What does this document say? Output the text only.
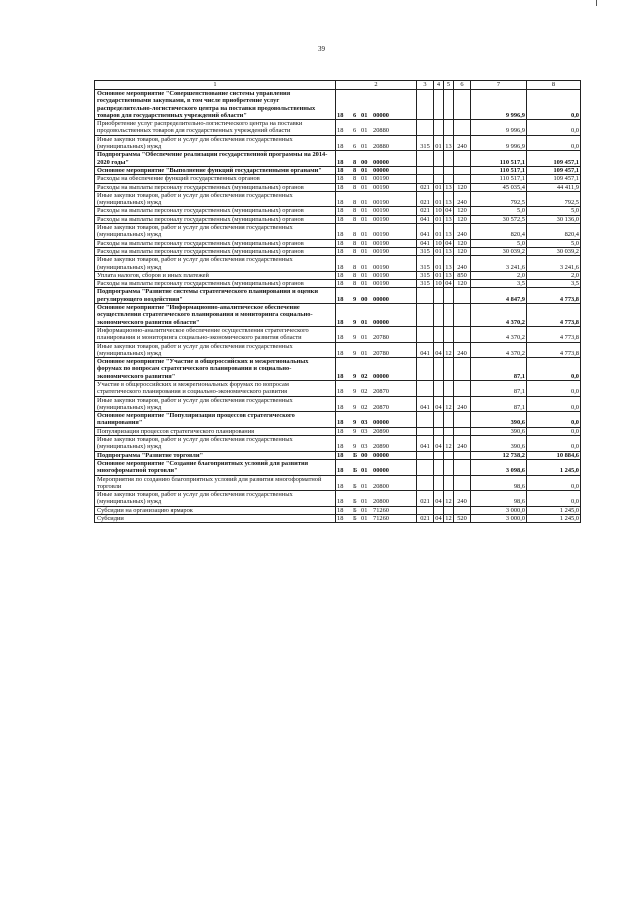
39
1	2	3	4	5	6	7	8
Основное мероприятие "Совершенствование системы управления государственными закупками, в том числе приобретение услуг распределительно-логистического центра на поставки продовольственных товаров для государственных учреждений области"	18 6 01 00000					9 996,9	0,0
Приобретение услуг распределительно-логистического центра на поставки продовольственных товаров для государственных учреждений области	18 6 01 20880					9 996,9	0,0
Иные закупки товаров, работ и услуг для обеспечения государственных (муниципальных) нужд	18 6 01 20880	315	01	13	240	9 996,9	0,0
Подпрограмма "Обеспечение реализации государственной программы на 2014-2020 годы"	18 8 00 00000					110 517,1	109 457,1
Основное мероприятие "Выполнение функций государственными органами"	18 8 01 00000					110 517,1	109 457,1
Расходы на обеспечение функций государственных органов	18 8 01 00190					110 517,1	109 457,1
Расходы на выплаты персоналу государственных (муниципальных) органов	18 8 01 00190	021	01	13	120	45 035,4	44 411,9
Иные закупки товаров, работ и услуг для обеспечения государственных (муниципальных) нужд	18 8 01 00190	021	01	13	240	792,5	792,5
Расходы на выплаты персоналу государственных (муниципальных) органов	18 8 01 00190	021	10	04	120	5,0	5,0
Расходы на выплаты персоналу государственных (муниципальных) органов	18 8 01 00190	041	01	13	120	30 572,5	30 136,0
Иные закупки товаров, работ и услуг для обеспечения государственных (муниципальных) нужд	18 8 01 00190	041	01	13	240	820,4	820,4
Расходы на выплаты персоналу государственных (муниципальных) органов	18 8 01 00190	041	10	04	120	5,0	5,0
Расходы на выплаты персоналу государственных (муниципальных) органов	18 8 01 00190	315	01	13	120	30 039,2	30 039,2
Иные закупки товаров, работ и услуг для обеспечения государственных (муниципальных) нужд	18 8 01 00190	315	01	13	240	3 241,6	3 241,6
Уплата налогов, сборов и иных платежей	18 8 01 00190	315	01	13	850	2,0	2,0
Расходы на выплаты персоналу государственных (муниципальных) органов	18 8 01 00190	315	10	04	120	3,5	3,5
Подпрограмма "Развитие системы стратегического планирования и оценки регулирующего воздействия"	18 9 00 00000					4 847,9	4 773,8
Основное мероприятие "Информационно-аналитическое обеспечение осуществления стратегического планирования и мониторинга социально-экономического развития области"	18 9 01 00000					4 370,2	4 773,8
Информационно-аналитическое обеспечение осуществления стратегического планирования и мониторинга социально-экономического развития области	18 9 01 20780					4 370,2	4 773,8
Иные закупки товаров, работ и услуг для обеспечения государственных (муниципальных) нужд	18 9 01 20780	041	04	12	240	4 370,2	4 773,8
Основное мероприятие "Участие в общероссийских и межрегиональных форумах по вопросам стратегического планирования и социально-экономического развития"	18 9 02 00000					87,1	0,0
Участие в общероссийских и межрегиональных форумах по вопросам стратегического планирования и социально-экономического развития	18 9 02 20870					87,1	0,0
Иные закупки товаров, работ и услуг для обеспечения государственных (муниципальных) нужд	18 9 02 20870	041	04	12	240	87,1	0,0
Основное мероприятие "Популяризация процессов стратегического планирования"	18 9 03 00000					390,6	0,0
Популяризация процессов стратегического планирования	18 9 03 20890					390,6	0,0
Иные закупки товаров, работ и услуг для обеспечения государственных (муниципальных) нужд	18 9 03 20890	041	04	12	240	390,6	0,0
Подпрограмма "Развитие торговли"	18 Б 00 00000					12 738,2	10 884,6
Основное мероприятие "Создание благоприятных условий для развития многоформатной торговли"	18 Б 01 00000					3 098,6	1 245,0
Мероприятия по созданию благоприятных условий для развития многоформатной торговли	18 Б 01 20800					98,6	0,0
Иные закупки товаров, работ и услуг для обеспечения государственных (муниципальных) нужд	18 Б 01 20800	021	04	12	240	98,6	0,0
Субсидии на организацию ярмарок	18 Б 01 71260					3 000,0	1 245,0
Субсидии	18 Б 01 71260	021	04	12	520	3 000,0	1 245,0
